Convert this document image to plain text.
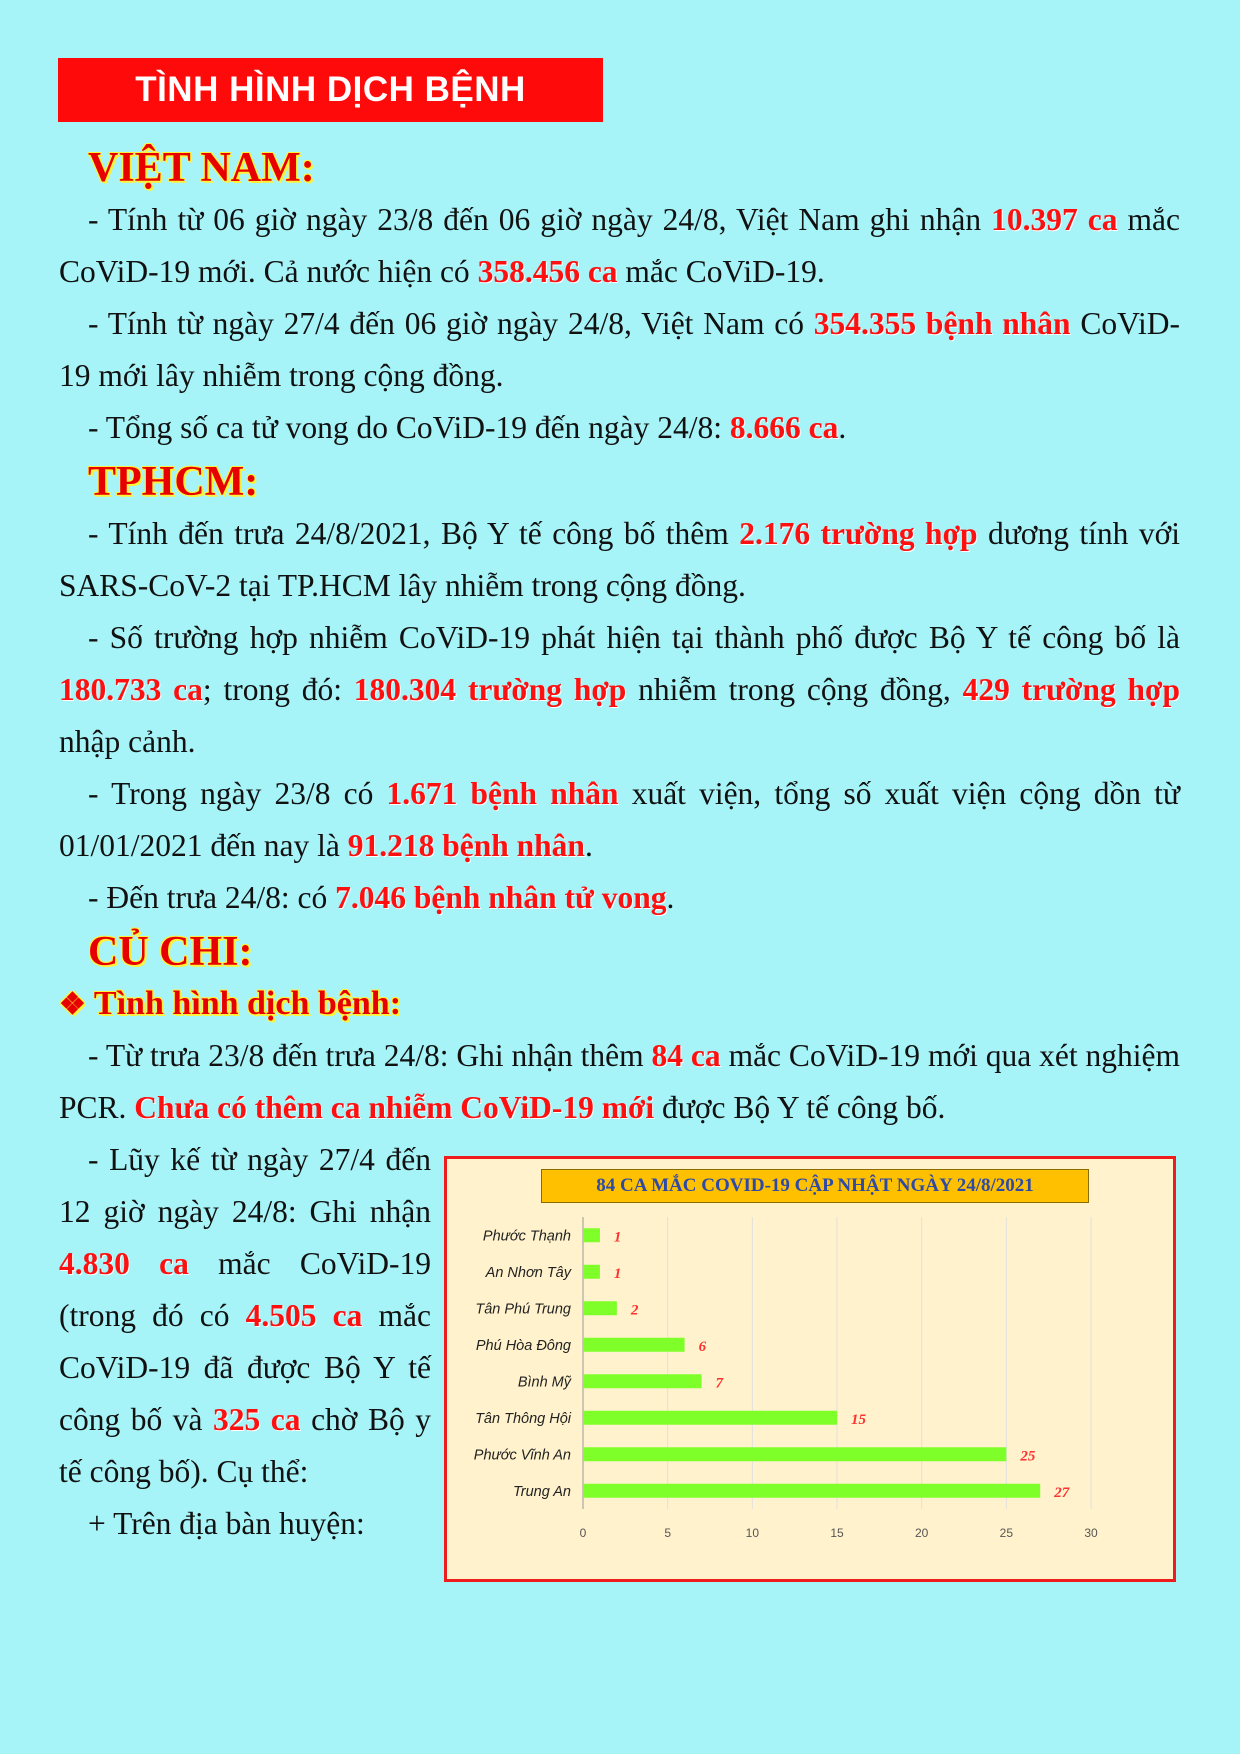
TÌNH HÌNH DỊCH BỆNH
VIỆT NAM:

- Tính từ 06 giờ ngày 23/8 đến 06 giờ ngày 24/8, Việt Nam ghi nhận 10.397 ca mắc CoViD-19 mới. Cả nước hiện có 358.456 ca mắc CoViD-19.

- Tính từ ngày 27/4 đến 06 giờ ngày 24/8, Việt Nam có 354.355 bệnh nhân CoViD-19 mới lây nhiễm trong cộng đồng.

- Tổng số ca tử vong do CoViD-19 đến ngày 24/8: 8.666 ca.

TPHCM:

- Tính đến trưa 24/8/2021, Bộ Y tế công bố thêm 2.176 trường hợp dương tính với SARS-CoV-2 tại TP.HCM lây nhiễm trong cộng đồng.

- Số trường hợp nhiễm CoViD-19 phát hiện tại thành phố được Bộ Y tế công bố là 180.733 ca; trong đó: 180.304 trường hợp nhiễm trong cộng đồng, 429 trường hợp nhập cảnh.

- Trong ngày 23/8 có 1.671 bệnh nhân xuất viện, tổng số xuất viện cộng dồn từ 01/01/2021 đến nay là 91.218 bệnh nhân.

- Đến trưa 24/8: có 7.046 bệnh nhân tử vong.

CỦ CHI:
❖ Tình hình dịch bệnh:

- Từ trưa 23/8 đến trưa 24/8: Ghi nhận thêm 84 ca mắc CoViD-19 mới qua xét nghiệm PCR. Chưa có thêm ca nhiễm CoViD-19 mới được Bộ Y tế công bố.

- Lũy kế từ ngày 27/4 đến 12 giờ ngày 24/8: Ghi nhận 4.830 ca mắc CoViD-19 (trong đó có 4.505 ca mắc CoViD-19 đã được Bộ Y tế công bố và 325 ca chờ Bộ y tế công bố). Cụ thể:

+ Trên địa bàn huyện:	0	5	10	15	20	25	30
Phước Thạnh	1
An Nhơn Tây	1
Tân Phú Trung	2
Phú Hòa Đông	6
Bình Mỹ	7
Tân Thông Hội	15
Phước Vĩnh An	25
Trung An	27
84 CA MẮC COVID-19 CẬP NHẬT NGÀY 24/8/2021
